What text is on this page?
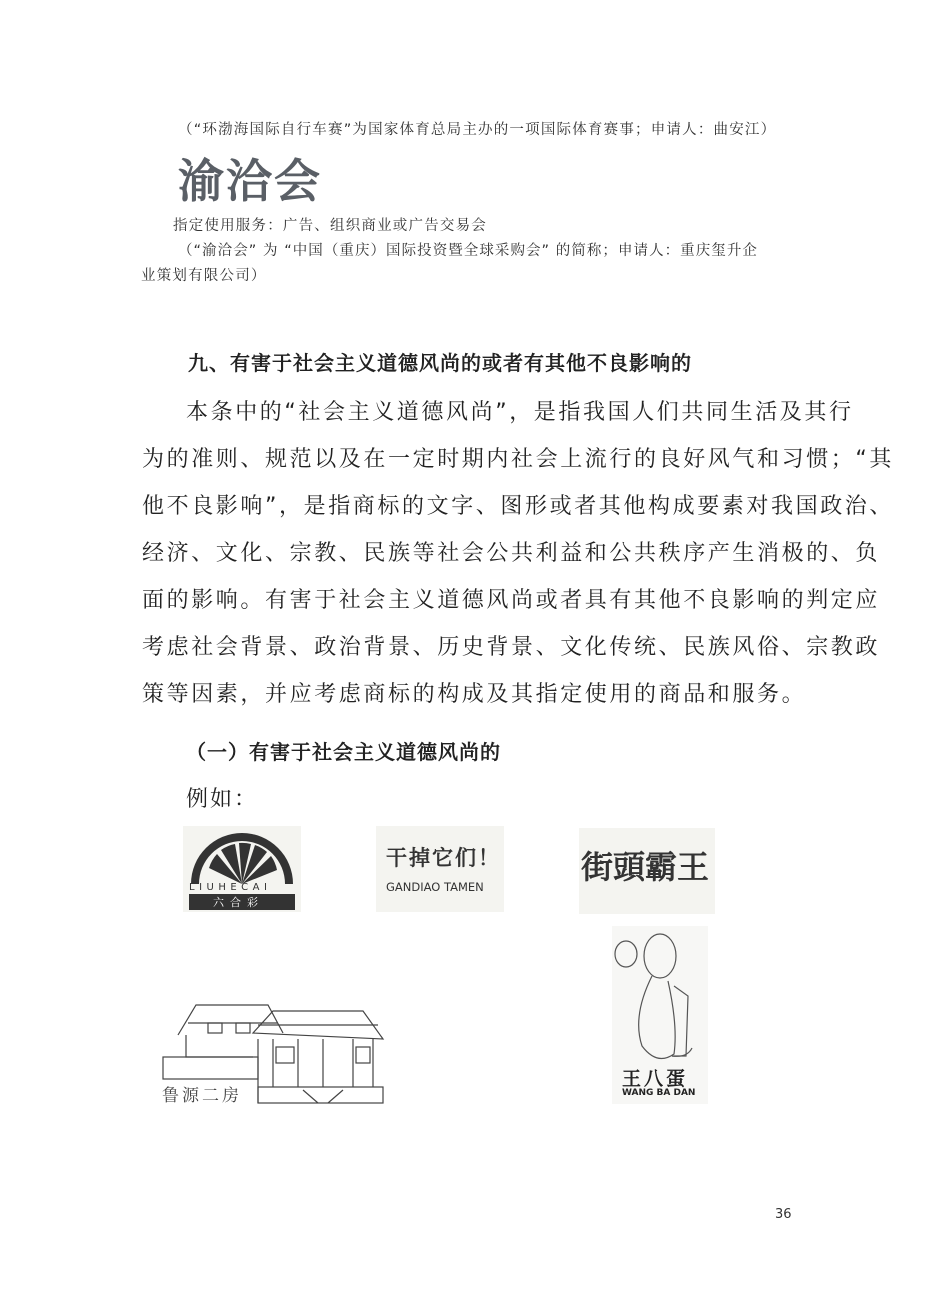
（“环渤海国际自行车赛”为国家体育总局主办的一项国际体育赛事；申请人：曲安江）
渝洽会
指定使用服务：广告、组织商业或广告交易会
（“渝洽会” 为 “中国（重庆）国际投资暨全球采购会” 的简称；申请人：重庆玺升企
业策划有限公司）
九、有害于社会主义道德风尚的或者有其他不良影响的
本条中的“社会主义道德风尚”，是指我国人们共同生活及其行
为的准则、规范以及在一定时期内社会上流行的良好风气和习惯；“其
他不良影响”，是指商标的文字、图形或者其他构成要素对我国政治、
经济、文化、宗教、民族等社会公共利益和公共秩序产生消极的、负
面的影响。有害于社会主义道德风尚或者具有其他不良影响的判定应
考虑社会背景、政治背景、历史背景、文化传统、民族风俗、宗教政
策等因素，并应考虑商标的构成及其指定使用的商品和服务。
（一）有害于社会主义道德风尚的
例如：
LIUHECAI
六合彩
干掉它们！
GANDIAO TAMEN
街頭霸王
鲁源二房
王八蛋
WANG BA DAN
36
